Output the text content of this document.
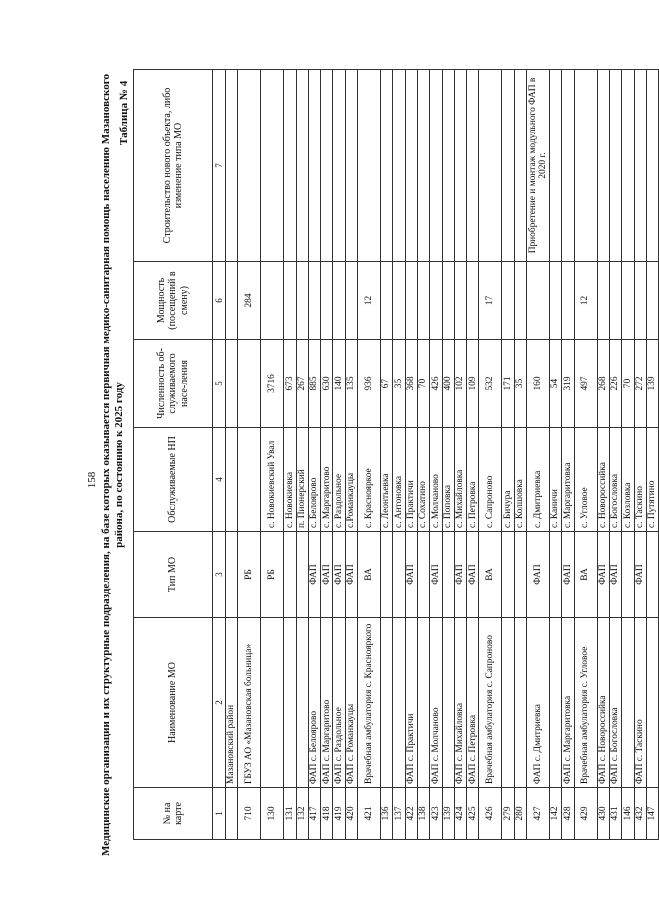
158 Медицинские организации и их структурные подразделения, на базе которых оказывается первичная медико-санитарная помощь населению Мазановского района, по состоянию к 2025 году
Таблица № 4
№ на карте	Наименование МО	Тип МО	Обслуживаемые НП	Численность об-служиваемого насе-ления	Мощность (посещений в смену)	Строительство нового объекта, либо изменение типа МО
1	2	3	4	5	6	7
	Мазановский район					
710	ГБУЗ АО «Мазановская больница»	РБ			284	
130		РБ	с. Новокиевский Увал	3716		
131			с. Новокиевка	673		
132			п. Пионерский	267		
417	ФАП с. Белоярово	ФАП	с. Белоярово	885		
418	ФАП с. Маргаритово	ФАП	с. Маргаритово	630		
419	ФАП с. Раздольное	ФАП	с. Раздольное	140		
420	ФАП с. Романкауцы	ФАП	с.Романкауцы	135		
421	Врачебная амбулатория с. Краснояркого	ВА	с. Краснояркое	936	12	
136			с. Леонтьевка	67		
137			с. Антоновка	35		
422	ФАП с. Практичи	ФАП	с. Практичи	368		
138			с. Сохатино	70		
423	ФАП с. Молчаново	ФАП	с. Молчаново	426		
139			с. Поповка	400		
424	ФАП с. Михайловка	ФАП	с. Михайловка	102		
425	ФАП с. Петровка	ФАП	с. Петровка	109		
426	Врачебная амбулатория с. Сапроново	ВА	с. Сапроново	532	17	
279			с. Бичура	171		
280			с. Колшовка	35		
427	ФАП с. Дмитриевка	ФАП	с. Дмитриевка	160		Приобретение и монтаж модульного ФАП в 2020 г.
142			с. Каничи	54		
428	ФАП с. Маргаритовка	ФАП	с. Маргаритовка	319		
429	Врачебная амбулатория с. Угловое	ВА	с. Угловое	497	12	
430	ФАП с. Новороссийка	ФАП	с. Новороссийка	268		
431	ФАП с. Богословка	ФАП	с. Богословка	226		
146			с. Козловка	70		
432	ФАП с. Таскино	ФАП	с. Таскино	272		
147			с. Путятино	139		
